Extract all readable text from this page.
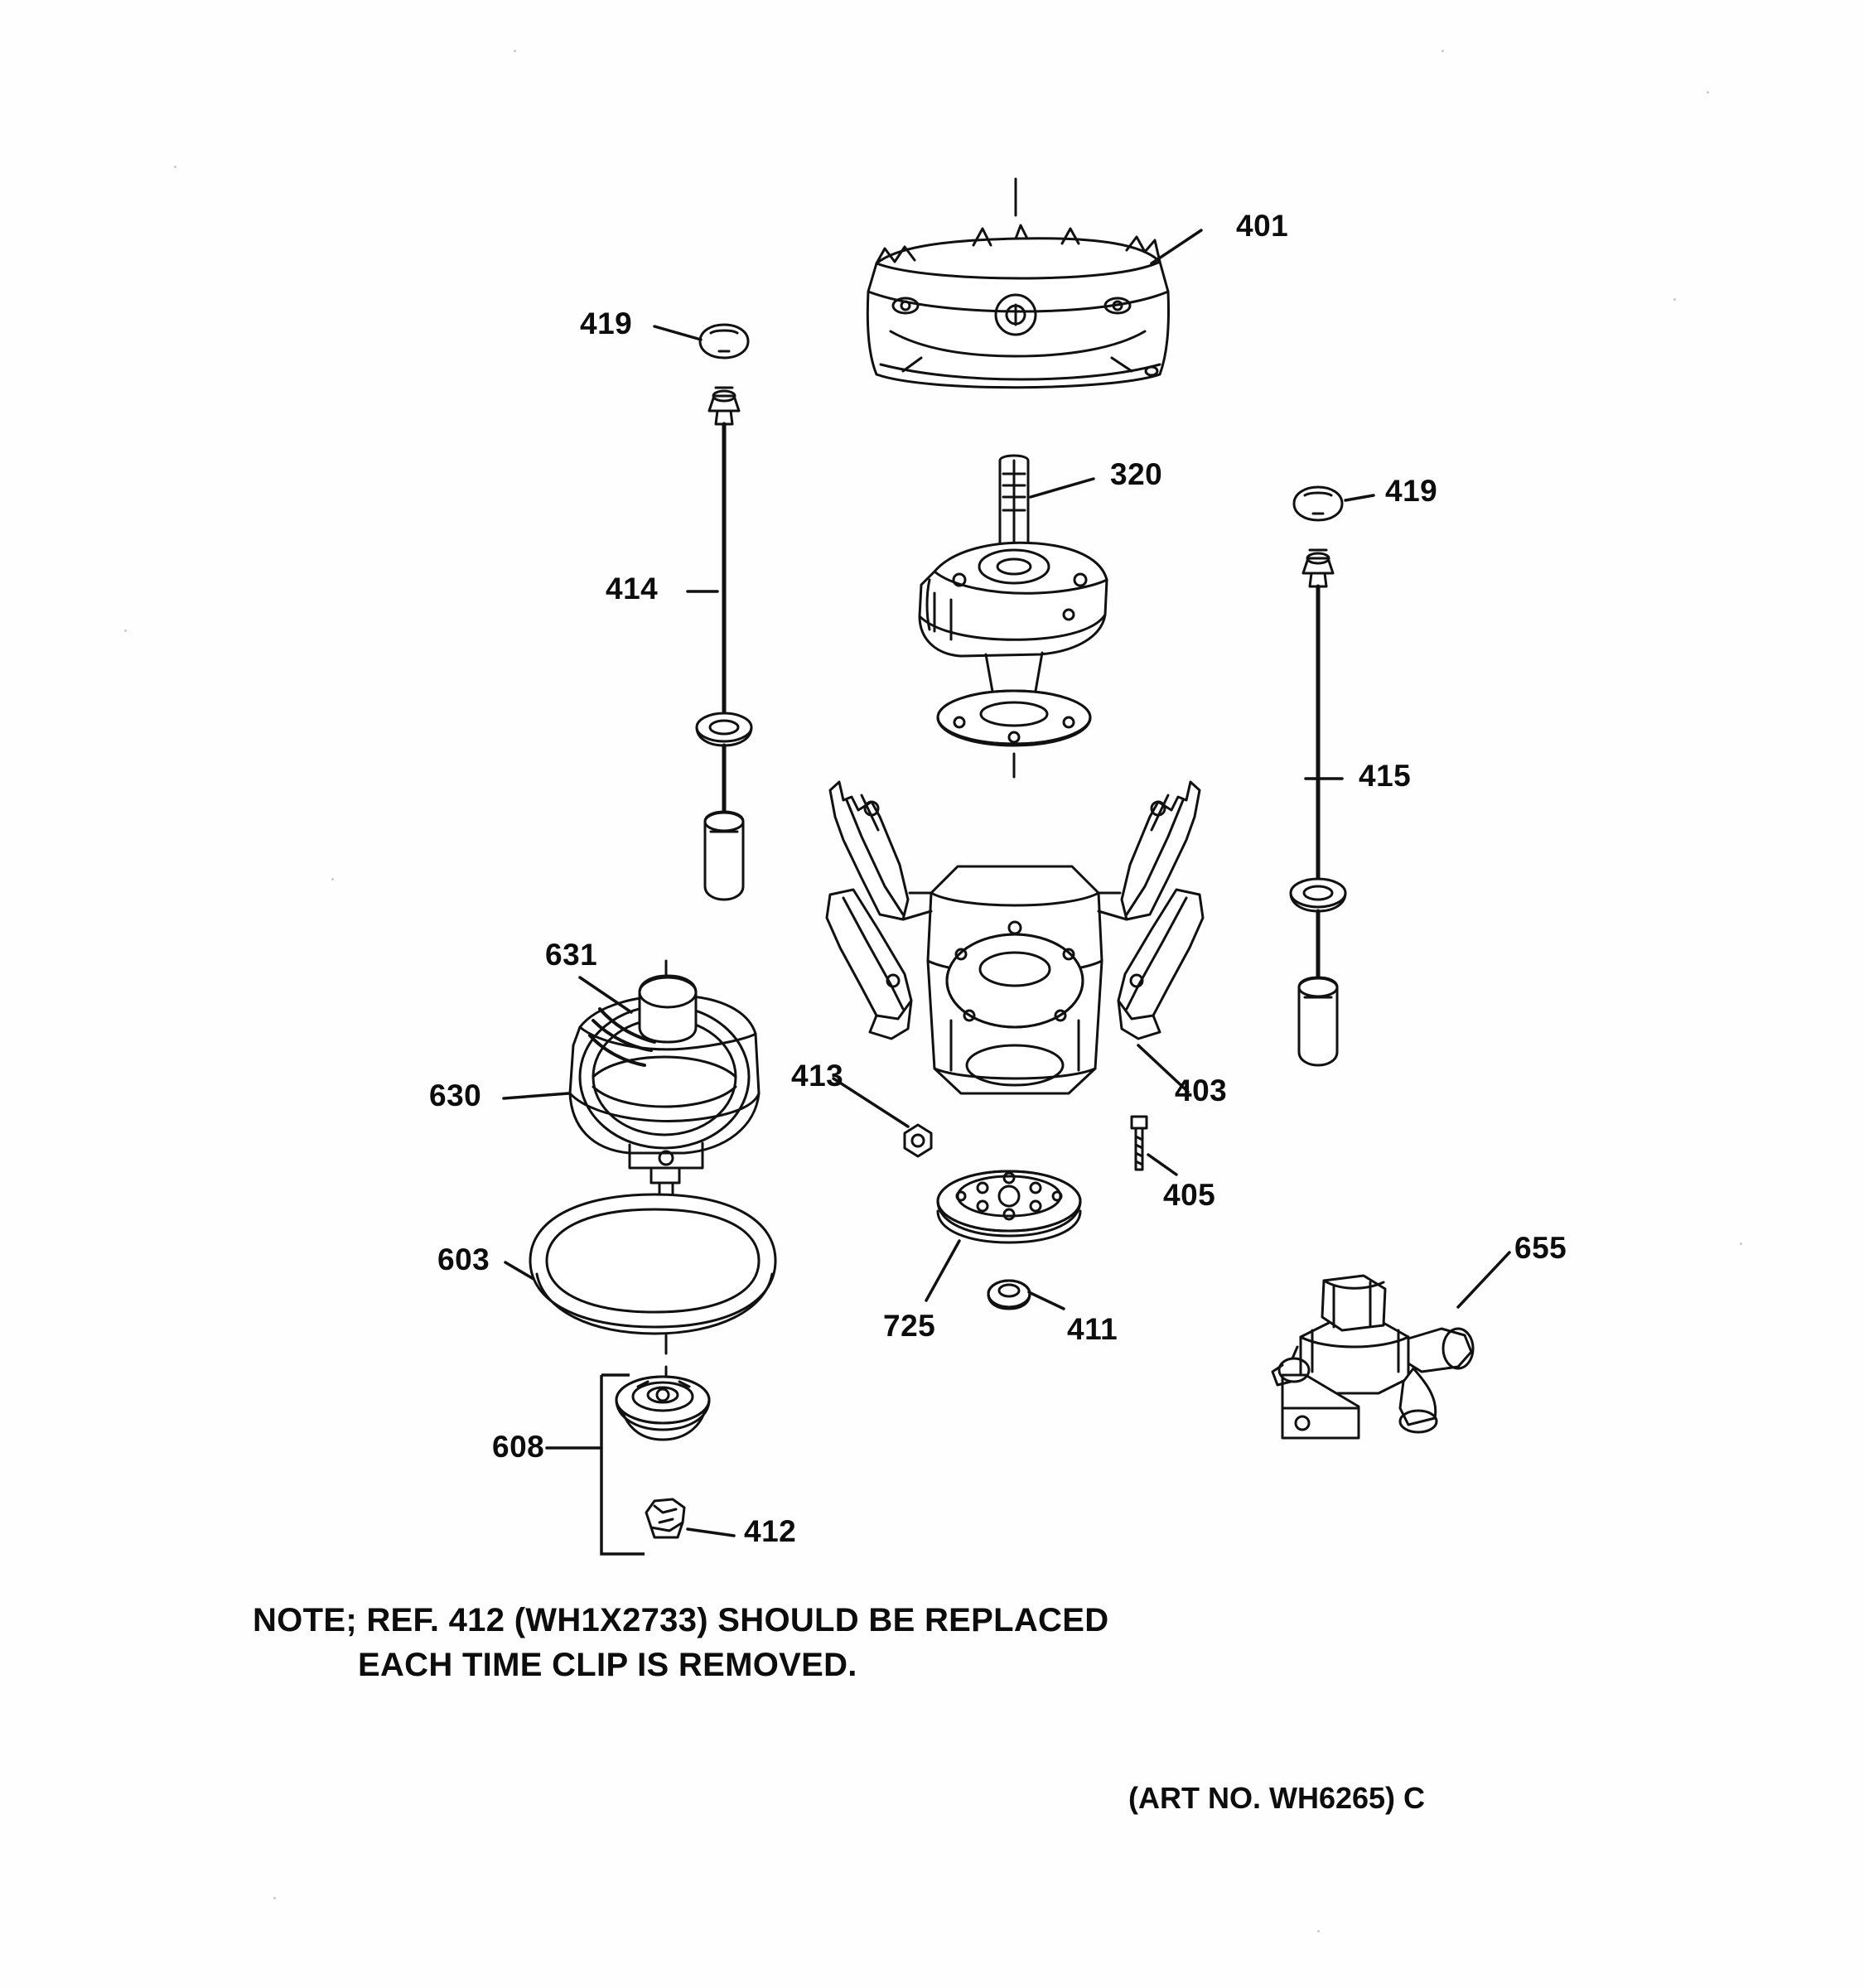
401
419
414
320	419
415
631
630
413	403
405
603
725	411
655
608
412
NOTE; REF. 412 (WH1X2733) SHOULD BE REPLACED
EACH TIME CLIP IS REMOVED.
(ART NO. WH6265) C
